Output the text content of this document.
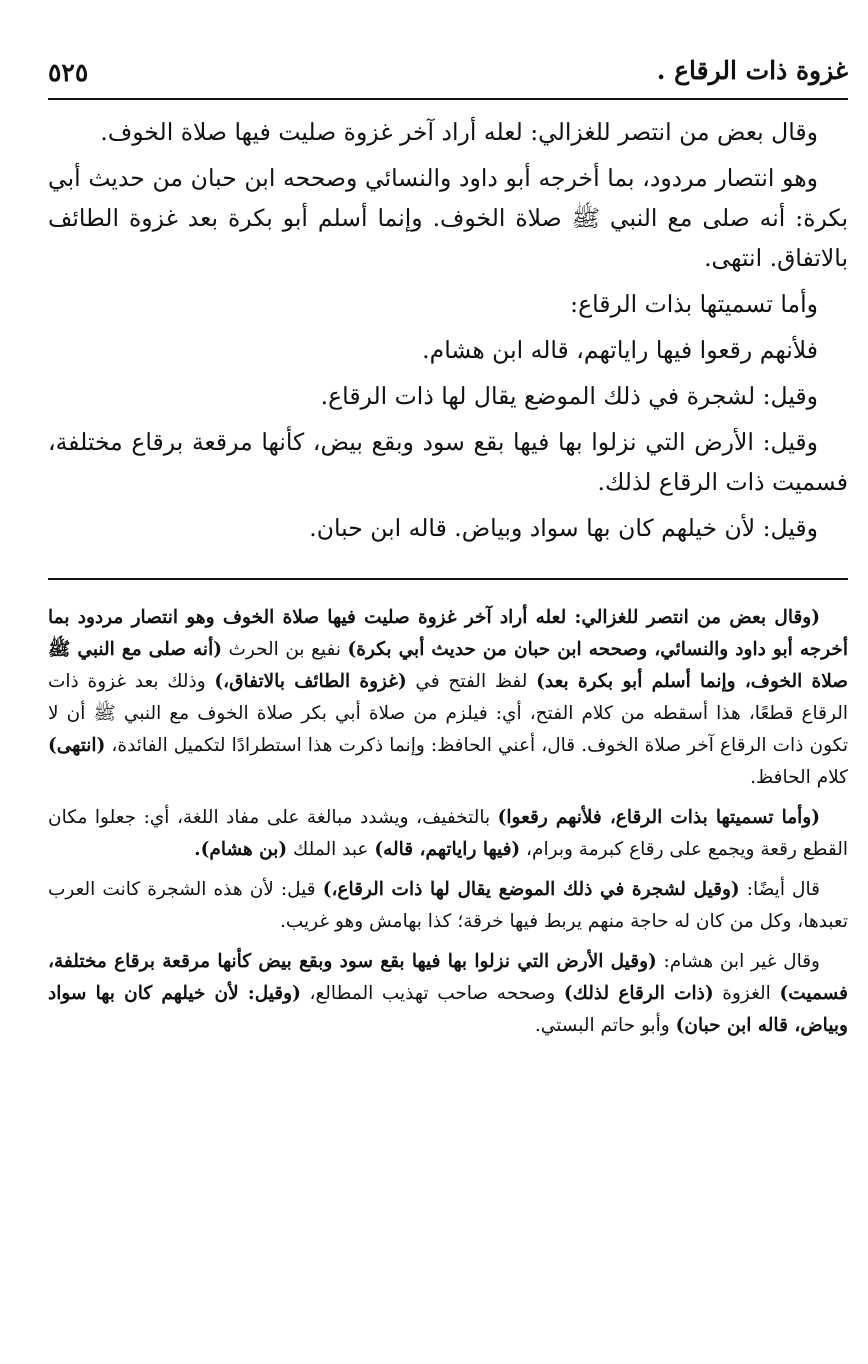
غزوة ذات الرقاع .
٥٢٥

وقال بعض من انتصر للغزالي: لعله أراد آخر غزوة صليت فيها صلاة الخوف.

وهو انتصار مردود، بما أخرجه أبو داود والنسائي وصححه ابن حبان من حديث أبي بكرة: أنه صلى مع النبي ﷺ صلاة الخوف. وإنما أسلم أبو بكرة بعد غزوة الطائف بالاتفاق. انتهى.

وأما تسميتها بذات الرقاع:

فلأنهم رقعوا فيها راياتهم، قاله ابن هشام.

وقيل: لشجرة في ذلك الموضع يقال لها ذات الرقاع.

وقيل: الأرض التي نزلوا بها فيها بقع سود وبقع بيض، كأنها مرقعة برقاع مختلفة، فسميت ذات الرقاع لذلك.

وقيل: لأن خيلهم كان بها سواد وبياض. قاله ابن حبان.

(وقال بعض من انتصر للغزالي: لعله أراد آخر غزوة صليت فيها صلاة الخوف وهو انتصار مردود بما أخرجه أبو داود والنسائي، وصححه ابن حبان من حديث أبي بكرة) نفيع بن الحرث (أنه صلى مع النبي ﷺ صلاة الخوف، وإنما أسلم أبو بكرة بعد) لفظ الفتح في (غزوة الطائف بالاتفاق،) وذلك بعد غزوة ذات الرقاع قطعًا، هذا أسقطه من كلام الفتح، أي: فيلزم من صلاة أبي بكر صلاة الخوف مع النبي ﷺ أن لا تكون ذات الرقاع آخر صلاة الخوف. قال، أعني الحافظ: وإنما ذكرت هذا استطرادًا لتكميل الفائدة، (انتهى) كلام الحافظ.

(وأما تسميتها بذات الرقاع، فلأنهم رقعوا) بالتخفيف، ويشدد مبالغة على مفاد اللغة، أي: جعلوا مكان القطع رقعة ويجمع على رقاع كبرمة وبرام، (فيها راياتهم، قاله) عبد الملك (بن هشام).

قال أيضًا: (وقيل لشجرة في ذلك الموضع يقال لها ذات الرقاع،) قيل: لأن هذه الشجرة كانت العرب تعبدها، وكل من كان له حاجة منهم يربط فيها خرقة؛ كذا بهامش وهو غريب.

وقال غير ابن هشام: (وقيل الأرض التي نزلوا بها فيها بقع سود وبقع بيض كأنها مرقعة برقاع مختلفة، فسميت) الغزوة (ذات الرقاع لذلك) وصححه صاحب تهذيب المطالع، (وقيل: لأن خيلهم كان بها سواد وبياض، قاله ابن حبان) وأبو حاتم البستي.
